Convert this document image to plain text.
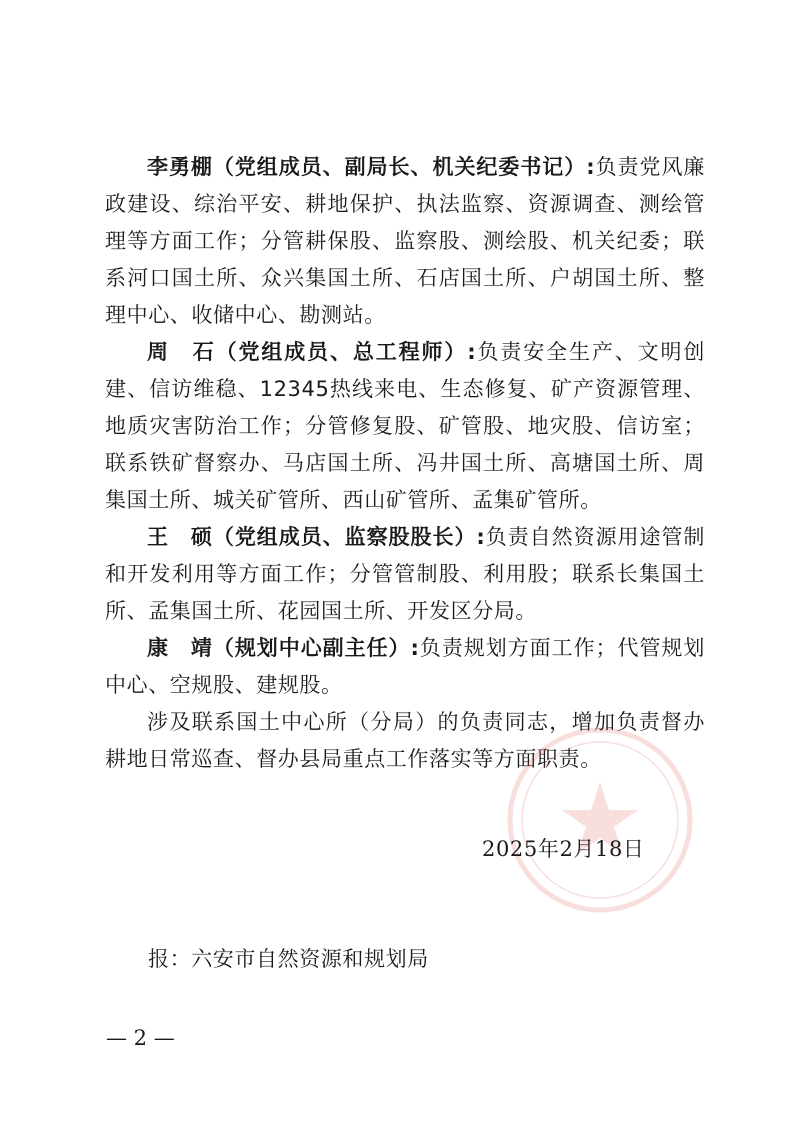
李勇棚（党组成员、副局长、机关纪委书记）:负责党风廉政建设、综治平安、耕地保护、执法监察、资源调查、测绘管理等方面工作；分管耕保股、监察股、测绘股、机关纪委；联系河口国土所、众兴集国土所、石店国土所、户胡国土所、整理中心、收储中心、勘测站。

周　石（党组成员、总工程师）:负责安全生产、文明创建、信访维稳、12345热线来电、生态修复、矿产资源管理、地质灾害防治工作；分管修复股、矿管股、地灾股、信访室；联系铁矿督察办、马店国土所、冯井国土所、高塘国土所、周集国土所、城关矿管所、西山矿管所、孟集矿管所。

王　硕（党组成员、监察股股长）:负责自然资源用途管制和开发利用等方面工作；分管管制股、利用股；联系长集国土所、孟集国土所、花园国土所、开发区分局。

康　靖（规划中心副主任）:负责规划方面工作；代管规划中心、空规股、建规股。

涉及联系国土中心所（分局）的负责同志，增加负责督办耕地日常巡查、督办县局重点工作落实等方面职责。

2025年2月18日
报：六安市自然资源和规划局
— 2 —
